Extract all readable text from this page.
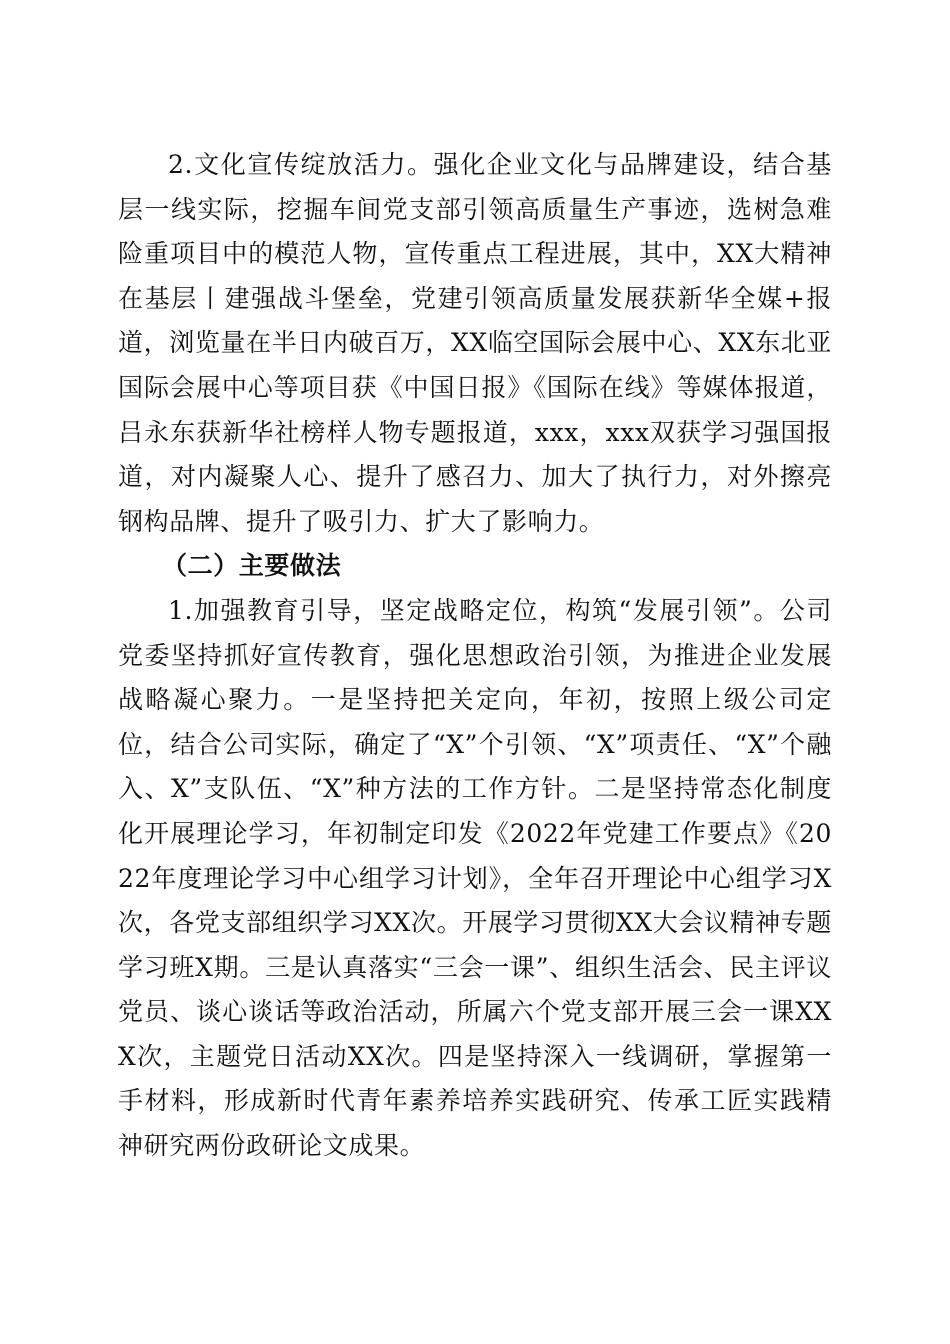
2.文化宣传绽放活力。强化企业文化与品牌建设，结合基层一线实际，挖掘车间党支部引领高质量生产事迹，选树急难险重项目中的模范人物，宣传重点工程进展，其中，XX大精神在基层丨建强战斗堡垒，党建引领高质量发展获新华全媒+报道，浏览量在半日内破百万，XX临空国际会展中心、XX东北亚国际会展中心等项目获《中国日报》《国际在线》等媒体报道，吕永东获新华社榜样人物专题报道，xxx，xxx双获学习强国报道，对内凝聚人心、提升了感召力、加大了执行力，对外擦亮钢构品牌、提升了吸引力、扩大了影响力。

（二）主要做法

1.加强教育引导，坚定战略定位，构筑“发展引领”。公司党委坚持抓好宣传教育，强化思想政治引领，为推进企业发展战略凝心聚力。一是坚持把关定向，年初，按照上级公司定位，结合公司实际，确定了“X”个引领、“X”项责任、“X”个融入、X”支队伍、“X”种方法的工作方针。二是坚持常态化制度化开展理论学习，年初制定印发《2022年党建工作要点》《2022年度理论学习中心组学习计划》，全年召开理论中心组学习X次，各党支部组织学习XX次。开展学习贯彻XX大会议精神专题学习班X期。三是认真落实“三会一课”、组织生活会、民主评议党员、谈心谈话等政治活动，所属六个党支部开展三会一课XXX次，主题党日活动XX次。四是坚持深入一线调研，掌握第一手材料，形成新时代青年素养培养实践研究、传承工匠实践精神研究两份政研论文成果。
